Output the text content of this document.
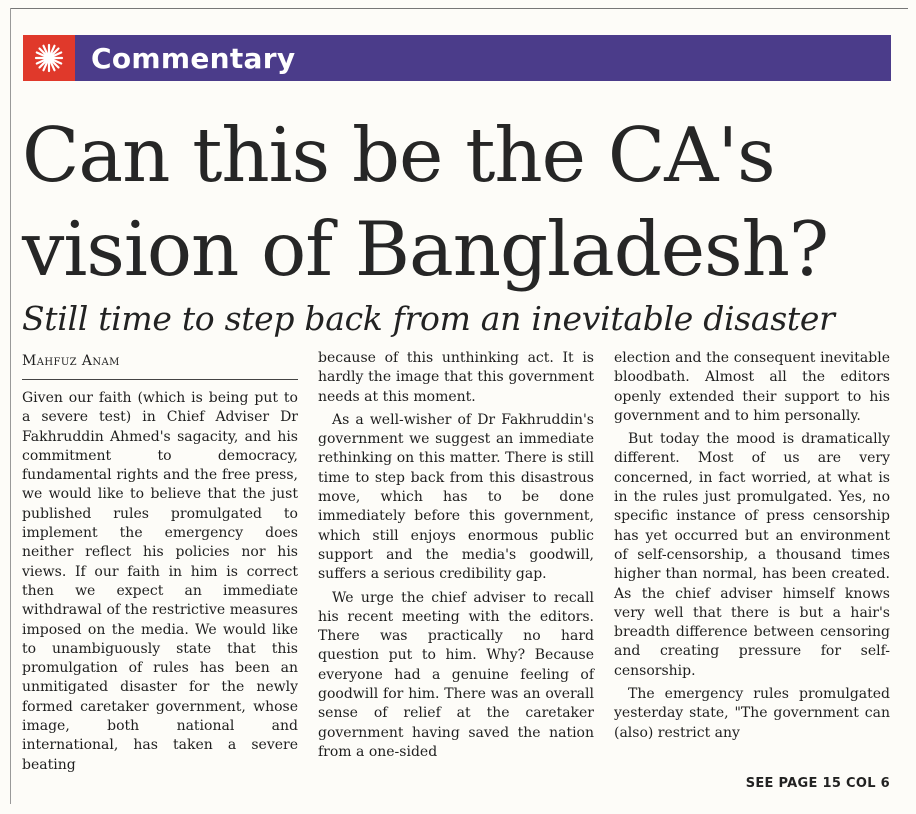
Commentary
Can this be the CA's
vision of Bangladesh?

Still time to step back from an inevitable disaster

Mahfuz Anam

Given our faith (which is being put to a severe test) in Chief Adviser Dr Fakhruddin Ahmed's sagacity, and his commitment to democracy, fundamental rights and the free press, we would like to believe that the just published rules promulgated to implement the emergency does neither reflect his policies nor his views. If our faith in him is correct then we expect an immediate withdrawal of the restrictive measures imposed on the media. We would like to unambiguously state that this promulgation of rules has been an unmitigated disaster for the newly formed caretaker government, whose image, both national and international, has taken a severe beating

because of this unthinking act. It is hardly the image that this government needs at this moment.

As a well-wisher of Dr Fakhruddin's government we suggest an immediate rethinking on this matter. There is still time to step back from this disastrous move, which has to be done immediately before this government, which still enjoys enormous public support and the media's goodwill, suffers a serious credibility gap.

We urge the chief adviser to recall his recent meeting with the editors. There was practically no hard question put to him. Why? Because everyone had a genuine feeling of goodwill for him. There was an overall sense of relief at the caretaker government having saved the nation from a one-sided

election and the consequent inevitable bloodbath. Almost all the editors openly extended their support to his government and to him personally.

But today the mood is dramatically different. Most of us are very concerned, in fact worried, at what is in the rules just promulgated. Yes, no specific instance of press censorship has yet occurred but an environment of self-censorship, a thousand times higher than normal, has been created. As the chief adviser himself knows very well that there is but a hair's breadth difference between censoring and creating pressure for self-censorship.

The emergency rules promulgated yesterday state, "The government can (also) restrict any

SEE PAGE 15 COL 6
